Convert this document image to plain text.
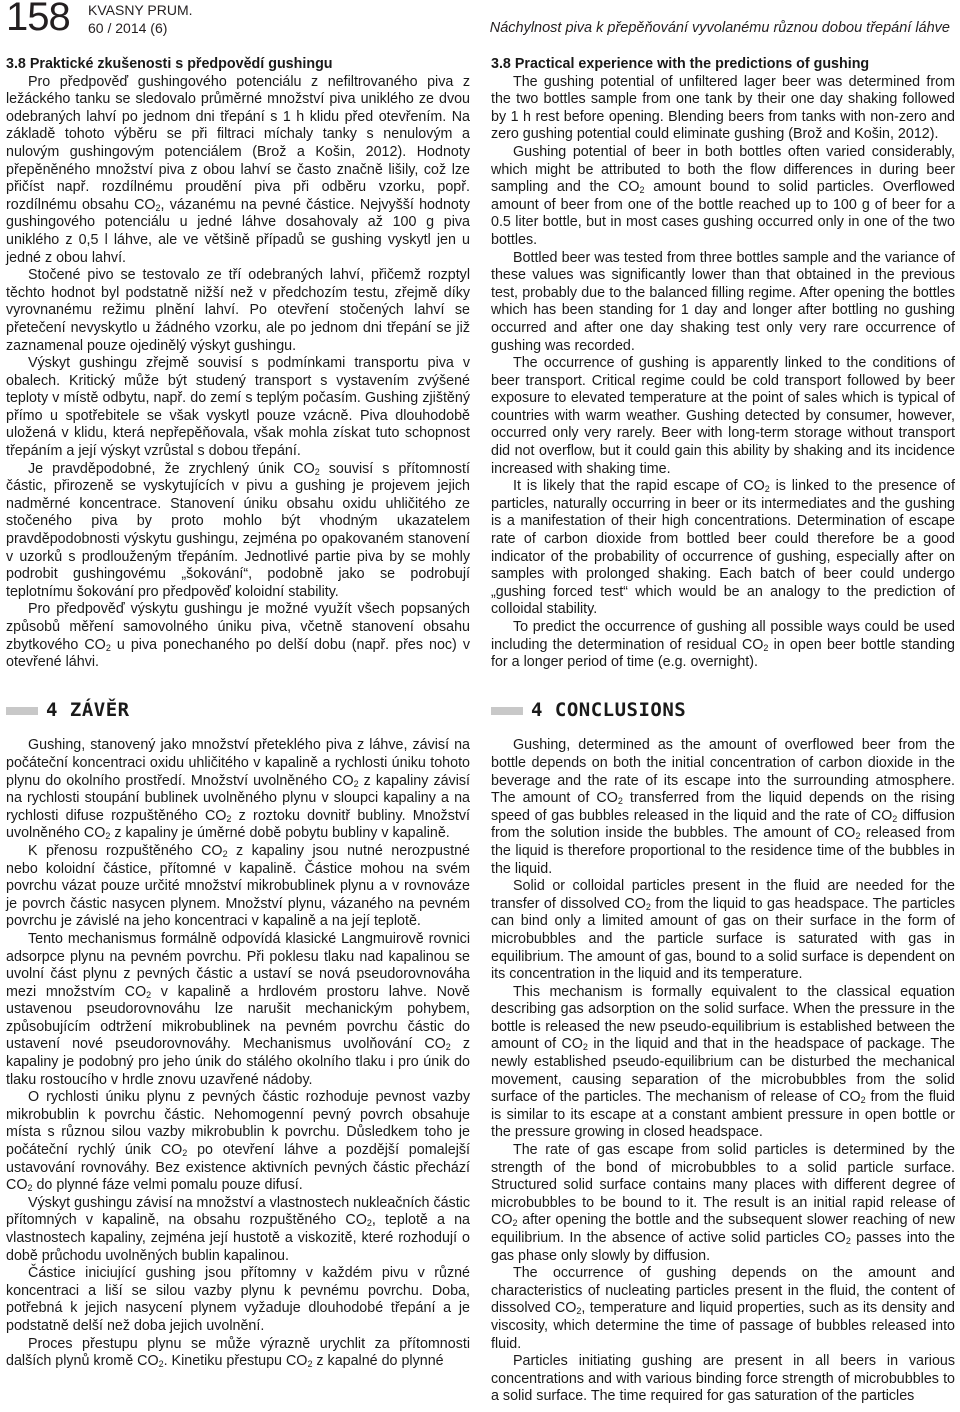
158 KVASNY PRUM.
60 / 2014 (6)	Náchylnost piva k přepěňování vyvolanému různou dobou třepání láhve

3.8 Praktické zkušenosti s předpovědí gushingu

Pro předpověď gushingového potenciálu z nefiltrovaného piva z ležáckého tanku se sledovalo průměrné množství piva uniklého ze dvou odebraných lahví po jednom dni třepání s 1 h klidu před otevřením. Na základě tohoto výběru se při filtraci míchaly tanky s nenulovým a nulovým gushingovým potenciálem (Brož a Košin, 2012). Hodnoty přepěněného množství piva z obou lahví se často značně lišily, což lze přičíst např. rozdílnému proudění piva při odběru vzorku, popř. rozdílnému obsahu $CO_2$, vázanému na pevné částice. Nejvyšší hodnoty gushingového potenciálu u jedné láhve dosahovaly až 100 g piva uniklého z 0,5 l láhve, ale ve většině případů se gushing vyskytl jen u jedné z obou lahví.

Stočené pivo se testovalo ze tří odebraných lahví, přičemž rozptyl těchto hodnot byl podstatně nižší než v předchozím testu, zřejmě díky vyrovnanému režimu plnění lahví. Po otevření stočených lahví se přetečení nevyskytlo u žádného vzorku, ale po jednom dni třepání se již zaznamenal pouze ojedinělý výskyt gushingu.

Výskyt gushingu zřejmě souvisí s podmínkami transportu piva v obalech. Kritický může být studený transport s vystavením zvýšené teploty v místě odbytu, např. do zemí s teplým počasím. Gushing zjištěný přímo u spotřebitele se však vyskytl pouze vzácně. Piva dlouhodobě uložená v klidu, která nepřepěňovala, však mohla získat tuto schopnost třepáním a její výskyt vzrůstal s dobou třepání.

Je pravděpodobné, že zrychlený únik $CO_2$ souvisí s přítomností částic, přirozeně se vyskytujících v pivu a gushing je projevem jejich nadměrné koncentrace. Stanovení úniku obsahu oxidu uhličitého ze stočeného piva by proto mohlo být vhodným ukazatelem pravděpodobnosti výskytu gushingu, zejména po opakovaném stanovení v uzorků s prodlouženým třepáním. Jednotlivé partie piva by se mohly podrobit gushingovému „šokování“, podobně jako se podrobují teplotnímu šokování pro předpověď koloidní stability.

Pro předpověď výskytu gushingu je možné využít všech popsaných způsobů měření samovolného úniku piva, včetně stanovení obsahu zbytkového $CO_2$ u piva ponechaného po delší dobu (např. přes noc) v otevřené láhvi.

4 ZÁVĚR

Gushing, stanovený jako množství přetekléhо piva z láhve, závisí na počáteční koncentraci oxidu uhličitého v kapalině a rychlosti úniku tohoto plynu do okolního prostředí. Množství uvolněného $CO_2$ z kapaliny závisí na rychlosti stoupání bublinek uvolněného plynu v sloupci kapaliny a na rychlosti difuse rozpuštěného $CO_2$ z roztoku dovnitř bubliny. Množství uvolněného $CO_2$ z kapaliny je úměrné době pobytu bubliny v kapalině.

K přenosu rozpuštěného $CO_2$ z kapaliny jsou nutné nerozpustné nebo koloidní částice, přítomné v kapalině. Částice mohou na svém povrchu vázat pouze určité množství mikrobublinek plynu a v rovnováze je povrch částic nasycen plynem. Množství plynu, vázaného na pevném povrchu je závislé na jeho koncentraci v kapalině a na její teplotě.

Tento mechanismus formálně odpovídá klasické Langmuirově rovnici adsorpce plynu na pevném povrchu. Při poklesu tlaku nad kapalinou se uvolní část plynu z pevných částic a ustaví se nová pseudorovnováha mezi množstvím $CO_2$ v kapalině a hrdlovém prostoru lahve. Nově ustavenou pseudorovnováhu lze narušit mechanickým pohybem, způsobujícím odtržení mikrobublinek na pevném povrchu částic do ustavení nové pseudorovnováhy. Mechanismus uvolňování $CO_2$ z kapaliny je podobný pro jeho únik do stálého okolního tlaku i pro únik do tlaku rostoucího v hrdle znovu uzavřené nádoby.

O rychlosti úniku plynu z pevných částic rozhoduje pevnost vazby mikrobublin k povrchu částic. Nehomogenní pevný povrch obsahuje místa s různou silou vazby mikrobublin k povrchu. Důsledkem toho je počáteční rychlý únik $CO_2$ po otevření láhve a pozdější pomalejší ustavování rovnováhy. Bez existence aktivních pevných částic přechází $CO_2$ do plynné fáze velmi pomalu pouze difusí.

Výskyt gushingu závisí na množství a vlastnostech nukleačních částic přítomných v kapalině, na obsahu rozpuštěného $CO_2$, teplotě a na vlastnostech kapaliny, zejména její hustotě a viskozitě, které rozhodují o době průchodu uvolněných bublin kapalinou.

Částice iniciující gushing jsou přítomny v každém pivu v různé koncentraci a liší se silou vazby plynu k pevnému povrchu. Doba, potřebná k jejich nasycení plynem vyžaduje dlouhodobé třepání a je podstatně delší než doba jejich uvolnění.

Proces přestupu plynu se může výrazně urychlit za přítomnosti dalších plynů kromě $CO_2$. Kinetiku přestupu $CO_2$ z kapalné do plynné

3.8 Practical experience with the predictions of gushing

The gushing potential of unfiltered lager beer was determined from the two bottles sample from one tank by their one day shaking followed by 1 h rest before opening. Blending beers from tanks with non-zero and zero gushing potential could eliminate gushing (Brož and Košin, 2012).

Gushing potential of beer in both bottles often varied considerably, which might be attributed to both the flow differences in during beer sampling and the $CO_2$ amount bound to solid particles. Overflowed amount of beer from one of the bottle reached up to 100 g of beer for a 0.5 liter bottle, but in most cases gushing occurred only in one of the two bottles.

Bottled beer was tested from three bottles sample and the variance of these values was significantly lower than that obtained in the previous test, probably due to the balanced filling regime. After opening the bottles which has been standing for 1 day and longer after bottling no gushing occurred and after one day shaking test only very rare occurrence of gushing was recorded.

The occurrence of gushing is apparently linked to the conditions of beer transport. Critical regime could be cold transport followed by beer exposure to elevated temperature at the point of sales which is typical of countries with warm weather. Gushing detected by consumer, however, occurred only very rarely. Beer with long-term storage without transport did not overflow, but it could gain this ability by shaking and its incidence increased with shaking time.

It is likely that the rapid escape of $CO_2$ is linked to the presence of particles, naturally occurring in beer or its intermediates and the gushing is a manifestation of their high concentrations. Determination of escape rate of carbon dioxide from bottled beer could therefore be a good indicator of the probability of occurrence of gushing, especially after on samples with prolonged shaking. Each batch of beer could undergo „gushing forced test“ which would be an analogy to the prediction of colloidal stability.

To predict the occurrence of gushing all possible ways could be used including the determination of residual $CO_2$ in open beer bottle standing for a longer period of time (e.g. overnight).

4 CONCLUSIONS

Gushing, determined as the amount of overflowed beer from the bottle depends on both the initial concentration of carbon dioxide in the beverage and the rate of its escape into the surrounding atmosphere. The amount of $CO_2$ transferred from the liquid depends on the rising speed of gas bubbles released in the liquid and the rate of $CO_2$ diffusion from the solution inside the bubbles. The amount of $CO_2$ released from the liquid is therefore proportional to the residence time of the bubbles in the liquid.

Solid or colloidal particles present in the fluid are needed for the transfer of dissolved $CO_2$ from the liquid to gas headspace. The particles can bind only a limited amount of gas on their surface in the form of microbubbles and the particle surface is saturated with gas in equilibrium. The amount of gas, bound to a solid surface is dependent on its concentration in the liquid and its temperature.

This mechanism is formally equivalent to the classical equation describing gas adsorption on the solid surface. When the pressure in the bottle is released the new pseudo-equilibrium is established between the amount of $CO_2$ in the liquid and that in the headspace of package. The newly established pseudo-equilibrium can be disturbed the mechanical movement, causing separation of the microbubbles from the solid surface of the particles. The mechanism of release of $CO_2$ from the fluid is similar to its escape at a constant ambient pressure in open bottle or the pressure growing in closed headspace.

The rate of gas escape from solid particles is determined by the strength of the bond of microbubbles to a solid particle surface. Structured solid surface contains many places with different degree of microbubbles to be bound to it. The result is an initial rapid release of $CO_2$ after opening the bottle and the subsequent slower reaching of new equilibrium. In the absence of active solid particles $CO_2$ passes into the gas phase only slowly by diffusion.

The occurrence of gushing depends on the amount and characteristics of nucleating particles present in the fluid, the content of dissolved $CO_2$, temperature and liquid properties, such as its density and viscosity, which determine the time of passage of bubbles released into fluid.

Particles initiating gushing are present in all beers in various concentrations and with various binding force strength of microbubbles to a solid surface. The time required for gas saturation of the particles
